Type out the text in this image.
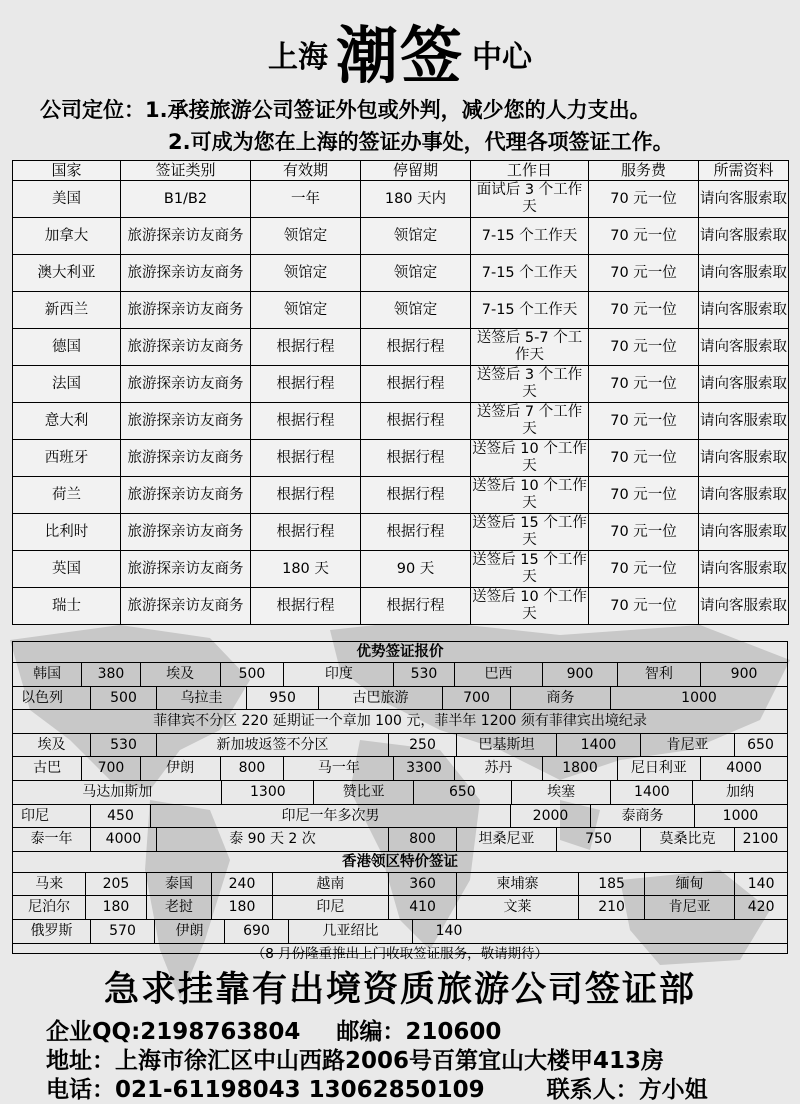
上海 潮签 中心
公司定位：1.承接旅游公司签证外包或外判，减少您的人力支出。
2.可成为您在上海的签证办事处，代理各项签证工作。
国家	签证类别	有效期	停留期	工作日	服务费	所需资料
美国	B1/B2	一年	180 天内	面试后 3 个工作天	70 元一位	请向客服索取
加拿大	旅游探亲访友商务	领馆定	领馆定	7-15 个工作天	70 元一位	请向客服索取
澳大利亚	旅游探亲访友商务	领馆定	领馆定	7-15 个工作天	70 元一位	请向客服索取
新西兰	旅游探亲访友商务	领馆定	领馆定	7-15 个工作天	70 元一位	请向客服索取
德国	旅游探亲访友商务	根据行程	根据行程	送签后 5-7 个工作天	70 元一位	请向客服索取
法国	旅游探亲访友商务	根据行程	根据行程	送签后 3 个工作天	70 元一位	请向客服索取
意大利	旅游探亲访友商务	根据行程	根据行程	送签后 7 个工作天	70 元一位	请向客服索取
西班牙	旅游探亲访友商务	根据行程	根据行程	送签后 10 个工作天	70 元一位	请向客服索取
荷兰	旅游探亲访友商务	根据行程	根据行程	送签后 10 个工作天	70 元一位	请向客服索取
比利时	旅游探亲访友商务	根据行程	根据行程	送签后 15 个工作天	70 元一位	请向客服索取
英国	旅游探亲访友商务	180 天	90 天	送签后 15 个工作天	70 元一位	请向客服索取
瑞士	旅游探亲访友商务	根据行程	根据行程	送签后 10 个工作天	70 元一位	请向客服索取
优势签证报价
韩国	380	埃及	500	印度	530	巴西	900	智利	900
以色列	500	乌拉圭	950	古巴旅游	700	商务	1000
菲律宾不分区 220 延期证一个章加 100 元，菲半年 1200 须有菲律宾出境纪录
埃及	530	新加坡返签不分区	250	巴基斯坦	1400	肯尼亚	650
古巴	700	伊朗	800	马一年	3300	苏丹	1800	尼日利亚	4000
马达加斯加	1300	赞比亚	650	埃塞	1400	加纳
印尼	450	印尼一年多次男	2000	泰商务	1000
泰一年	4000	泰 90 天 2 次	800	坦桑尼亚	750	莫桑比克	2100
香港领区特价签证
马来	205	泰国	240	越南	360	柬埔寨	185	缅甸	140
尼泊尔	180	老挝	180	印尼	410	文莱	210	肯尼亚	420
俄罗斯	570	伊朗	690	几亚绍比	140
（8 月份隆重推出上门收取签证服务，敬请期待）
急求挂靠有出境资质旅游公司签证部
企业QQ:2198763804 邮编：210600
地址：上海市徐汇区中山西路2006号百第宜山大楼甲413房
电话：021-61198043 13062850109	联系人：方小姐
